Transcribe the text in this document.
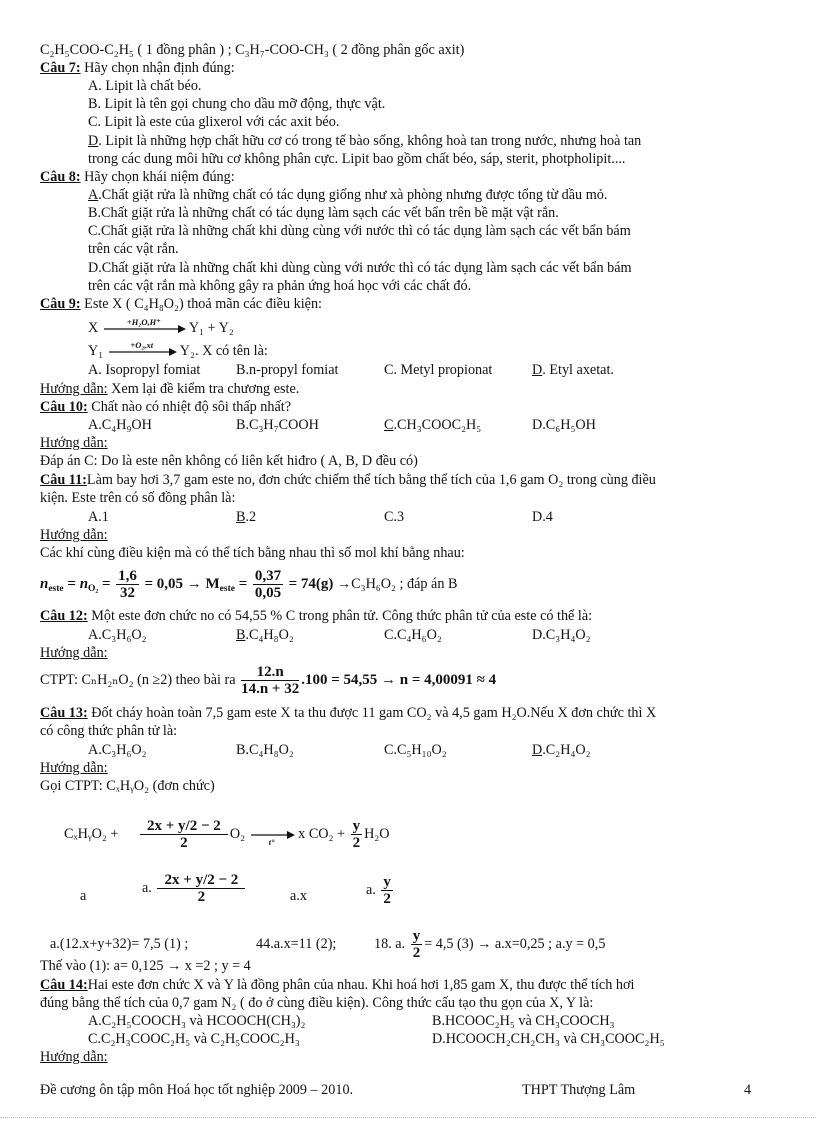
C₂H₅COO-C₂H₅ ( 1 đồng phân ) ; C₃H₇-COO-CH₃ ( 2 đồng phân gốc axit)
Câu 7: Hãy chọn nhận định đúng:
A. Lipit là chất béo.
B. Lipit là tên gọi chung cho dầu mỡ động, thực vật.
C. Lipit là este của glixerol với các axit béo.
D. Lipit là những hợp chất hữu cơ có trong tế bào sống, không hoà tan trong nước, nhưng hoà tan
trong các dung môi hữu cơ không phân cực. Lipit bao gồm chất béo, sáp, sterit, photpholipit....
Câu 8: Hãy chọn khái niệm đúng:
A.Chất giặt rửa là những chất có tác dụng giống như xà phòng nhưng được tổng từ dầu mỏ.
B.Chất giặt rửa là những chất có tác dụng làm sạch các vết bẩn trên bề mặt vật rắn.
C.Chất giặt rửa là những chất khi dùng cùng với nước thì có tác dụng làm sạch các vết bẩn bám
trên các vật rắn.
D.Chất giặt rửa là những chất khi dùng cùng với nước thì có tác dụng làm sạch các vết bẩn bám
trên các vật rắn mà không gây ra phản ứng hoá học với các chất đó.
Câu 9: Este X ( C₄H₈O₂) thoả mãn các điều kiện:
X	+H₂O,H⁺	Y₁ + Y₂
Y₁	+O₂,xt	Y₂. X có tên là:
A. Isopropyl fomiat	B.n-propyl fomiat	C. Metyl propionat	D. Etyl axetat.
Hướng dẫn: Xem lại đề kiểm tra chương este.
Câu 10: Chất nào có nhiệt độ sôi thấp nhất?
A.C₄H₉OH	B.C₃H₇COOH	C.CH₃COOC₂H₅	D.C₆H₅OH
Hướng dẫn:
Đáp án C: Do là este nên không có liên kết hiđro ( A, B, D đều có)
Câu 11:Làm bay hơi 3,7 gam este no, đơn chức chiếm thể tích bằng thể tích của 1,6 gam O₂ trong cùng điều
kiện. Este trên có số đồng phân là:
A.1	B.2	C.3	D.4
Hướng dẫn:
Các khí cùng điều kiện mà có thể tích bằng nhau thì số mol khí bằng nhau:
$n_{este} = n_{O_2} = \frac{1,6}{32} = 0,05 \to M_{este} = \frac{0,37}{0,05} = 74(g) \to C_3H_6O_2$ ; đáp án B
Câu 12: Một este đơn chức no có 54,55 % C trong phân tử. Công thức phân tử của este có thể là:
A.C₃H₆O₂	B.C₄H₈O₂	C.C₄H₆O₂	D.C₃H₄O₂
Hướng dẫn:
CTPT: CₙH₂ₙO₂ (n ≥2) theo bài ra $\frac{12.n}{14.n + 32} .100 = 54,55 \to n = 4,00091 \approx 4$
Câu 13: Đốt cháy hoàn toàn 7,5 gam este X ta thu được 11 gam CO₂ và 4,5 gam H₂O.Nếu X đơn chức thì X
có công thức phân tử là:
A.C₃H₆O₂	B.C₄H₈O₂	C.C₅H₁₀O₂	D.C₂H₄O₂
Hướng dẫn:
Gọi CTPT: CₓHᵧO₂ (đơn chức)
CₓHᵧO₂ + $\frac{2x + y/2 - 2}{2} O_2$	t°	x $CO_2 + \frac{y}{2} H_2O$
a	a. $\frac{2x + y/2 - 2}{2}$	a.x	a. $\frac{y}{2}$
a.(12.x+y+32)= 7,5 (1) ;	44.a.x=11 (2);	18. a. $\frac{y}{2} = 4,5$ (3) → a.x=0,25 ; a.y = 0,5
Thế vào (1): a= 0,125 → x =2 ; y = 4
Câu 14:Hai este đơn chức X và Y là đồng phân của nhau. Khi hoá hơi 1,85 gam X, thu được thể tích hơi
đúng bằng thể tích của 0,7 gam N₂ ( đo ở cùng điều kiện). Công thức cấu tạo thu gọn của X, Y là:
A.C₂H₅COOCH₃ và HCOOCH(CH₃)₂	B.HCOOC₂H₅ và CH₃COOCH₃
C.C₂H₃COOC₂H₅ và C₂H₅COOC₂H₃	D.HCOOCH₂CH₂CH₃ và CH₃COOC₂H₅
Hướng dẫn:
Đề cương ôn tập môn Hoá học tốt nghiệp 2009 – 2010.	THPT Thượng Lâm	4
